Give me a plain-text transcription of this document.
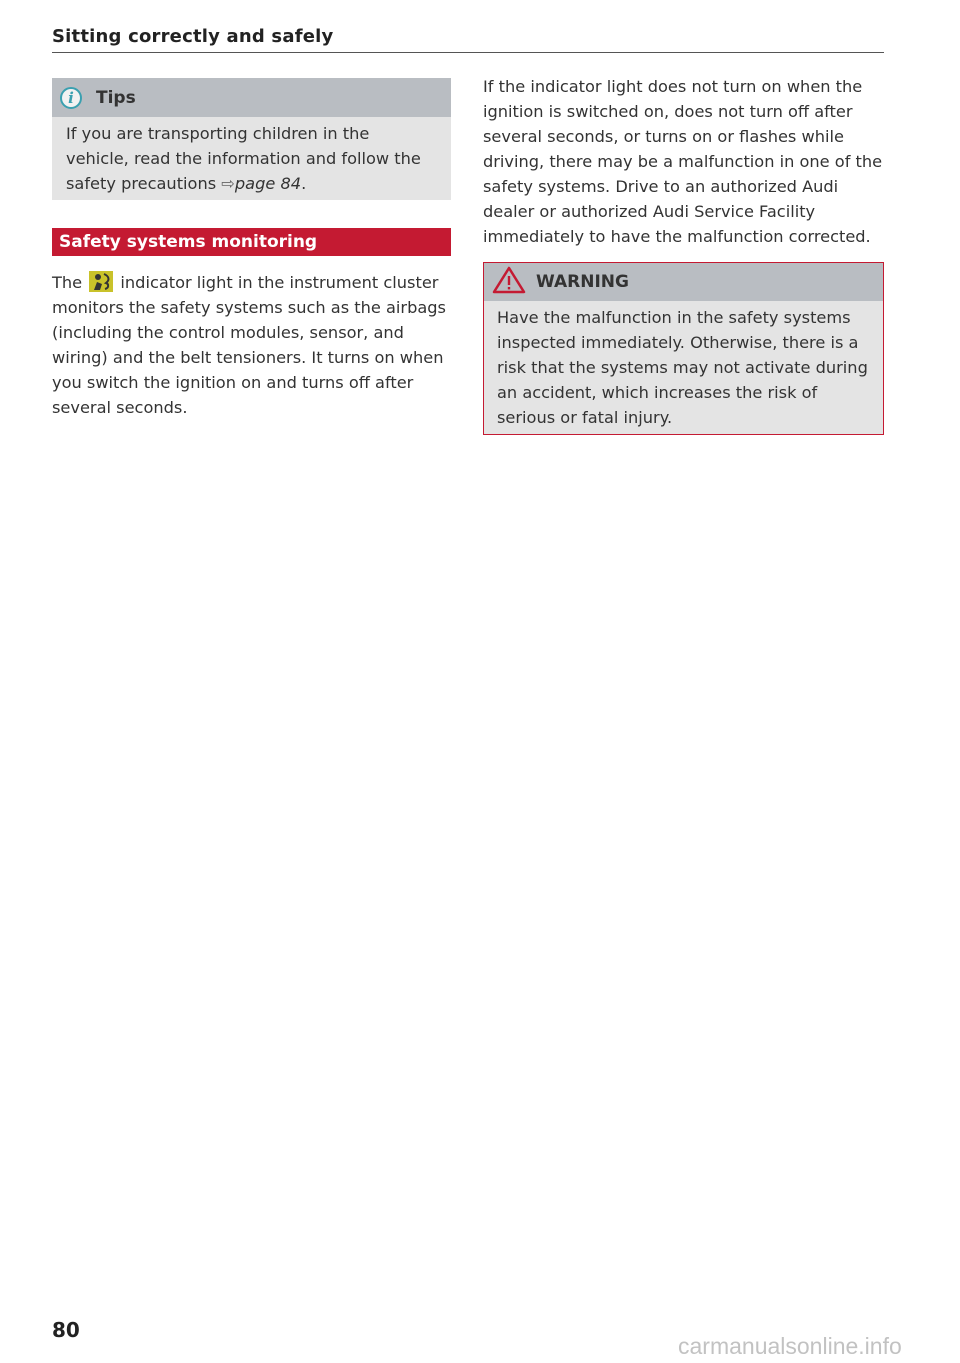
Sitting correctly and safely
i	Tips
If you are transporting children in the vehicle, read the information and follow the safety precautions ⇨page 84.
Safety systems monitoring

The  indicator light in the instrument cluster monitors the safety systems such as the airbags (including the control modules, sensor, and wiring) and the belt tensioners. It turns on when you switch the ignition on and turns off after several seconds.

If the indicator light does not turn on when the ignition is switched on, does not turn off after several seconds, or turns on or flashes while driving, there may be a malfunction in one of the safety systems. Drive to an authorized Audi dealer or authorized Audi Service Facility immediately to have the malfunction corrected.

WARNING
Have the malfunction in the safety systems inspected immediately. Otherwise, there is a risk that the systems may not activate during an accident, which increases the risk of serious or fatal injury.
80
carmanualsonline.info
